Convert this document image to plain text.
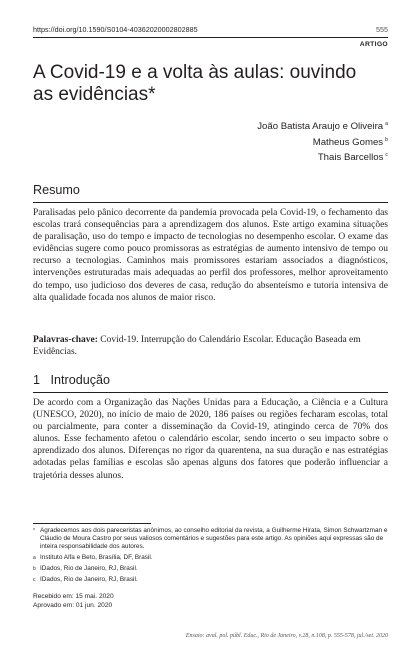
https://doi.org/10.1590/S0104-40362020002802885	555
ARTIGO
A Covid-19 e a volta às aulas: ouvindo as evidências*
João Batista Araujo e Oliveira $^a$
Matheus Gomes $^b$
Thais Barcellos $^c$
Resumo

Paralisadas pelo pânico decorrente da pandemia provocada pela Covid-19, o fechamento das escolas trará consequências para a aprendizagem dos alunos. Este artigo examina situações de paralisação, uso do tempo e impacto de tecnologias no desempenho escolar. O exame das evidências sugere como pouco promissoras as estratégias de aumento intensivo de tempo ou recurso a tecnologias. Caminhos mais promissores estariam associados a diagnósticos, intervenções estruturadas mais adequadas ao perfil dos professores, melhor aproveitamento do tempo, uso judicioso dos deveres de casa, redução do absenteísmo e tutoria intensiva de alta qualidade focada nos alunos de maior risco.

Palavras-chave: Covid-19. Interrupção do Calendário Escolar. Educação Baseada em Evidências.

1   Introdução

De acordo com a Organização das Nações Unidas para a Educação, a Ciência e a Cultura (UNESCO, 2020), no início de maio de 2020, 186 países ou regiões fecharam escolas, total ou parcialmente, para conter a disseminação da Covid-19, atingindo cerca de 70% dos alunos. Esse fechamento afetou o calendário escolar, sendo incerto o seu impacto sobre o aprendizado dos alunos. Diferenças no rigor da quarentena, na sua duração e nas estratégias adotadas pelas famílias e escolas são apenas alguns dos fatores que poderão influenciar a trajetória desses alunos.

* Agradecemos aos dois pareceristas anônimos, ao conselho editorial da revista, a Guilherme Hirata, Simon Schwartzman e Cláudio de Moura Castro por seus valiosos comentários e sugestões para este artigo. As opiniões aqui expressas são de inteira responsabilidade dos autores.
a Instituto Alfa e Beto, Brasília, DF, Brasil.
b IDados, Rio de Janeiro, RJ, Brasil.
c IDados, Rio de Janeiro, RJ, Brasil.
Recebido em: 15 mai. 2020
Aprovado em: 01 jun. 2020
Ensaio: aval. pol. públ. Educ., Rio de Janeiro, v.28, n.108, p. 555-578, jul./set. 2020
